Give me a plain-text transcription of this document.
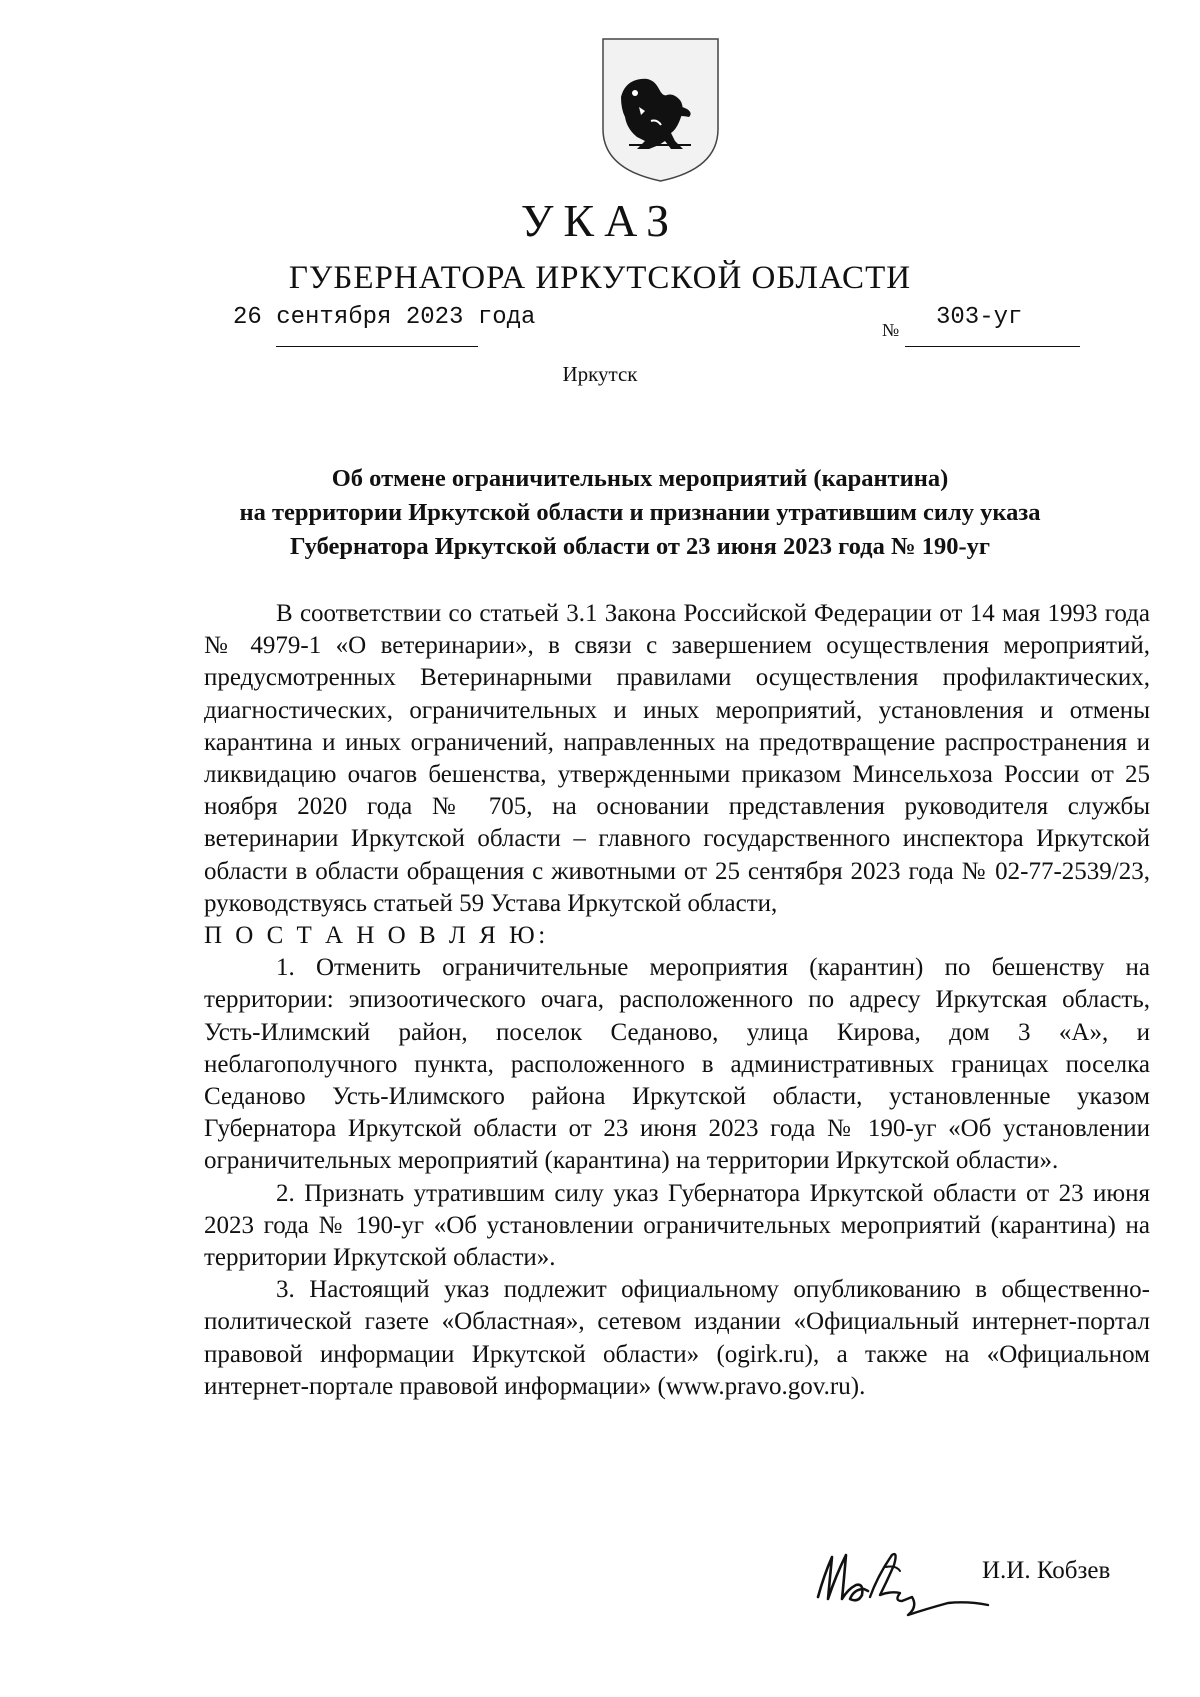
УКАЗ
ГУБЕРНАТОРА ИРКУТСКОЙ ОБЛАСТИ
26 сентября 2023 года	№ 303-уг
Иркутск
Об отмене ограничительных мероприятий (карантина)
на территории Иркутской области и признании утратившим силу указа
Губернатора Иркутской области от 23 июня 2023 года № 190-уг

В соответствии со статьей 3.1 Закона Российской Федерации от 14 мая 1993 года № 4979-1 «О ветеринарии», в связи с завершением осуществления мероприятий, предусмотренных Ветеринарными правилами осуществления профилактических, диагностических, ограничительных и иных мероприятий, установления и отмены карантина и иных ограничений, направленных на предотвращение распространения и ликвидацию очагов бешенства, утвержденными приказом Минсельхоза России от 25 ноября 2020 года № 705, на основании представления руководителя службы ветеринарии Иркутской области – главного государственного инспектора Иркутской области в области обращения с животными от 25 сентября 2023 года № 02-77-2539/23, руководствуясь статьей 59 Устава Иркутской области,

П О С Т А Н О В Л Я Ю:

1. Отменить ограничительные мероприятия (карантин) по бешенству на территории: эпизоотического очага, расположенного по адресу Иркутская область, Усть-Илимский район, поселок Седаново, улица Кирова, дом 3 «А», и неблагополучного пункта, расположенного в административных границах поселка Седаново Усть-Илимского района Иркутской области, установленные указом Губернатора Иркутской области от 23 июня 2023 года № 190-уг «Об установлении ограничительных мероприятий (карантина) на территории Иркутской области».

2. Признать утратившим силу указ Губернатора Иркутской области от 23 июня 2023 года № 190-уг «Об установлении ограничительных мероприятий (карантина) на территории Иркутской области».

3. Настоящий указ подлежит официальному опубликованию в общественно-политической газете «Областная», сетевом издании «Официальный интернет-портал правовой информации Иркутской области» (ogirk.ru), а также на «Официальном интернет-портале правовой информации» (www.pravo.gov.ru).

И.И. Кобзев
